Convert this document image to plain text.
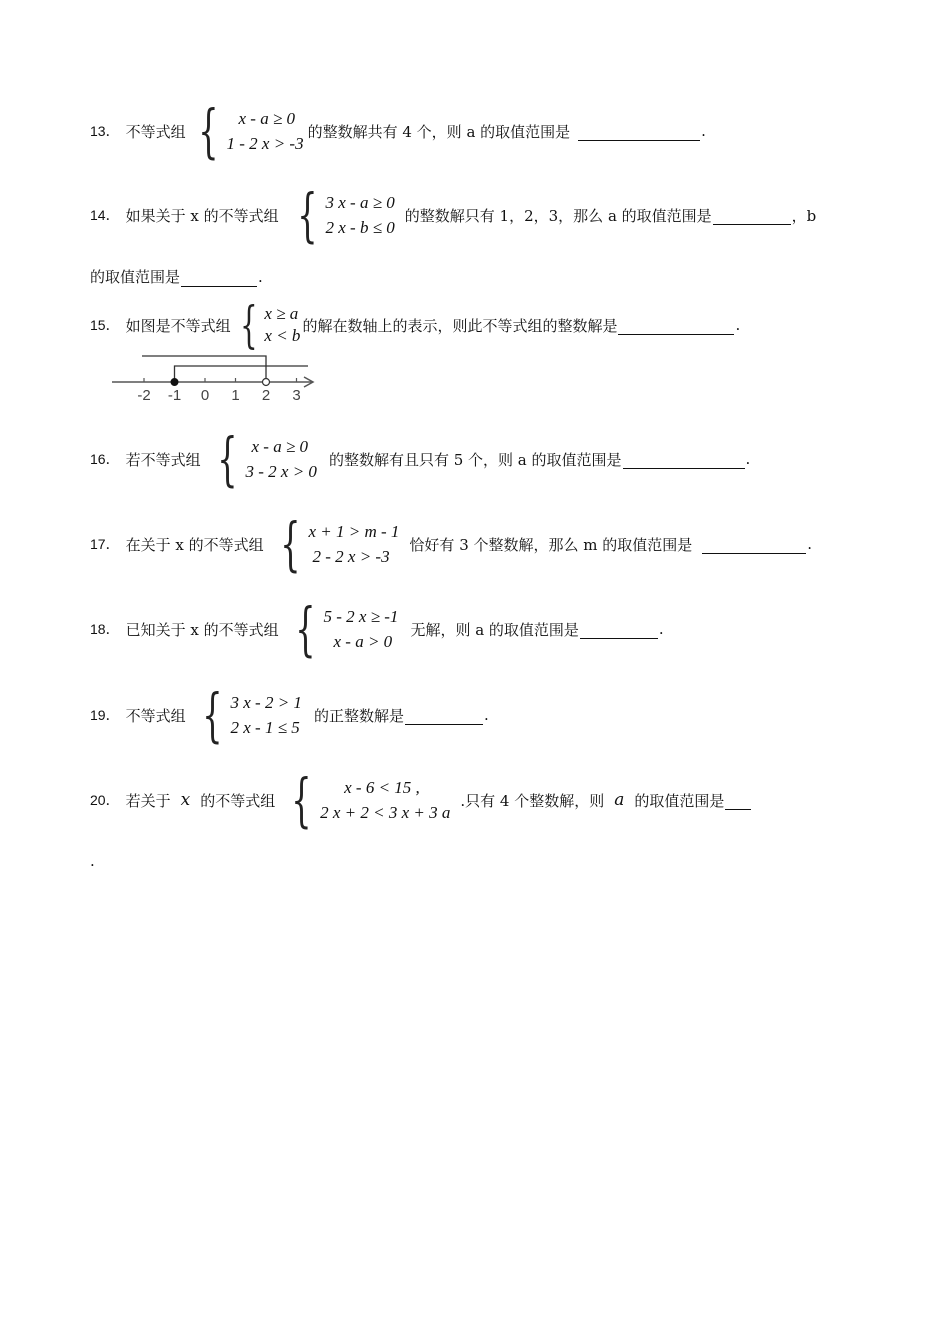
13． 不等式组 {	x - a ≥ 0
1 - 2 x > -3
的整数解共有 4 个，则 a 的取值范围是	.
14． 如果关于 x 的不等式组 { 3 x - a ≥ 0
2 x - b ≤ 0
的整数解只有 1，2，3，那么 a 的取值范围是	，b
的取值范围是	.
15． 如图是不等式组 { x ≥ a
x < b
的解在数轴上的表示，则此不等式组的整数解是	.
-2 -1 0 1 2 3
16． 若不等式组 { x - a ≥ 0
3 - 2 x > 0
的整数解有且只有 5 个，则 a 的取值范围是	.
17． 在关于 x 的不等式组 { x + 1 > m - 1
2 - 2 x > -3
恰好有 3 个整数解，那么 m 的取值范围是	.
18． 已知关于 x 的不等式组 { 5 - 2 x ≥ -1
x - a > 0
无解，则 a 的取值范围是	.
19． 不等式组 { 3 x - 2 > 1
2 x - 1 ≤ 5
的正整数解是	.
20． 若关于 x 的不等式组 {	x - 6 < 15 ,
2 x + 2 < 3 x + 3 a
.只有 4 个整数解，则 a 的取值范围是
.
